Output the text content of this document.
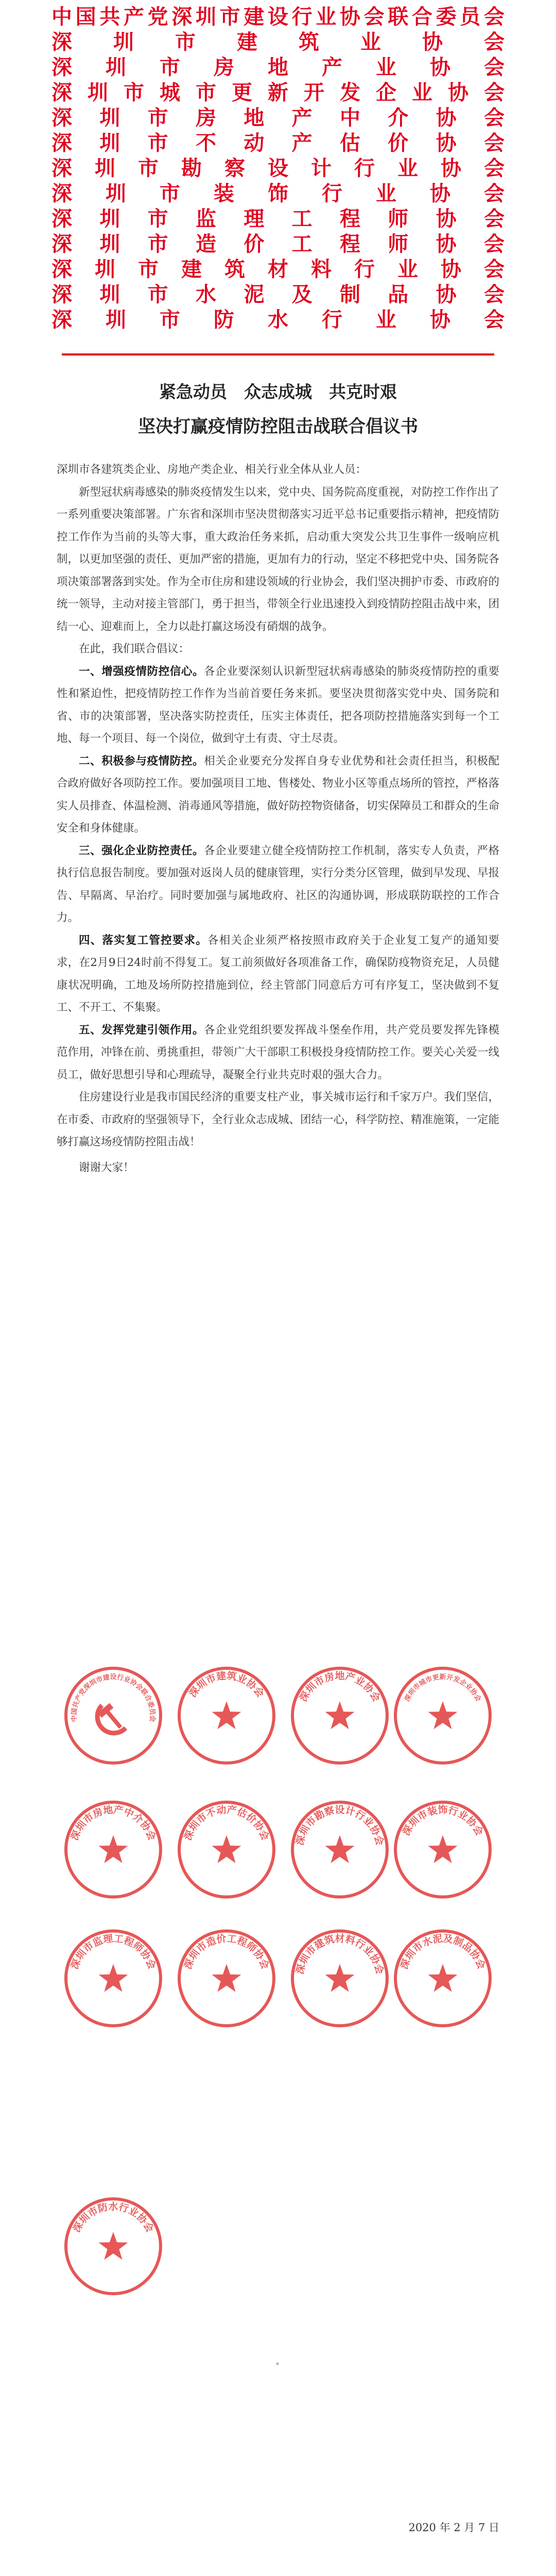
中 国 共 产 党 深 圳 市 建 设 行 业 协 会 联 合 委 员 会
深 圳 市 建 筑 业 协 会
深 圳 市 房 地 产 业 协 会
深 圳 市 城 市 更 新 开 发 企 业 协 会
深 圳 市 房 地 产 中 介 协 会
深 圳 市 不 动 产 估 价 协 会
深 圳 市 勘 察 设 计 行 业 协 会
深 圳 市 装 饰 行 业 协 会
深 圳 市 监 理 工 程 师 协 会
深 圳 市 造 价 工 程 师 协 会
深 圳 市 建 筑 材 料 行 业 协 会
深 圳 市 水 泥 及 制 品 协 会
深 圳 市 防 水 行 业 协 会
紧急动员　众志成城　共克时艰
坚决打赢疫情防控阻击战联合倡议书

深圳市各建筑类企业、房地产类企业、相关行业全体从业人员：

新型冠状病毒感染的肺炎疫情发生以来，党中央、国务院高度重视，对防控工作作出了一系列重要决策部署。广东省和深圳市坚决贯彻落实习近平总书记重要指示精神，把疫情防控工作作为当前的头等大事，重大政治任务来抓，启动重大突发公共卫生事件一级响应机制，以更加坚强的责任、更加严密的措施，更加有力的行动，坚定不移把党中央、国务院各项决策部署落到实处。作为全市住房和建设领域的行业协会，我们坚决拥护市委、市政府的统一领导，主动对接主管部门，勇于担当，带领全行业迅速投入到疫情防控阻击战中来，团结一心、迎难而上，全力以赴打赢这场没有硝烟的战争。

在此，我们联合倡议：

一、增强疫情防控信心。各企业要深刻认识新型冠状病毒感染的肺炎疫情防控的重要性和紧迫性，把疫情防控工作作为当前首要任务来抓。要坚决贯彻落实党中央、国务院和省、市的决策部署，坚决落实防控责任，压实主体责任，把各项防控措施落实到每一个工地、每一个项目、每一个岗位，做到守土有责、守土尽责。

二、积极参与疫情防控。相关企业要充分发挥自身专业优势和社会责任担当，积极配合政府做好各项防控工作。要加强项目工地、售楼处、物业小区等重点场所的管控，严格落实人员排查、体温检测、消毒通风等措施，做好防控物资储备，切实保障员工和群众的生命安全和身体健康。

三、强化企业防控责任。各企业要建立健全疫情防控工作机制，落实专人负责，严格执行信息报告制度。要加强对返岗人员的健康管理，实行分类分区管理，做到早发现、早报告、早隔离、早治疗。同时要加强与属地政府、社区的沟通协调，形成联防联控的工作合力。

四、落实复工管控要求。各相关企业须严格按照市政府关于企业复工复产的通知要求，在2月9日24时前不得复工。复工前须做好各项准备工作，确保防疫物资充足，人员健康状况明确，工地及场所防控措施到位，经主管部门同意后方可有序复工，坚决做到不复工、不开工、不集聚。

五、发挥党建引领作用。各企业党组织要发挥战斗堡垒作用，共产党员要发挥先锋模范作用，冲锋在前、勇挑重担，带领广大干部职工积极投身疫情防控工作。要关心关爱一线员工，做好思想引导和心理疏导，凝聚全行业共克时艰的强大合力。

住房建设行业是我市国民经济的重要支柱产业，事关城市运行和千家万户。我们坚信，在市委、市政府的坚强领导下，全行业众志成城、团结一心，科学防控、精准施策，一定能够打赢这场疫情防控阻击战！

谢谢大家！

中国共产党深圳市建设行业协会联合委员会
深圳市建筑业协会	深圳市房地产业协会	深圳市城市更新开发企业协会
深圳市房地产中介协会	深圳市不动产估价协会 深圳市勘察设计行业协会
深圳市装饰行业协会
深圳市监理工程师协会	深圳市造价工程师协会 深圳市建筑材料行业协会 深圳市水泥及制品协会
深圳市防水行业协会
2020 年 2 月 7 日
